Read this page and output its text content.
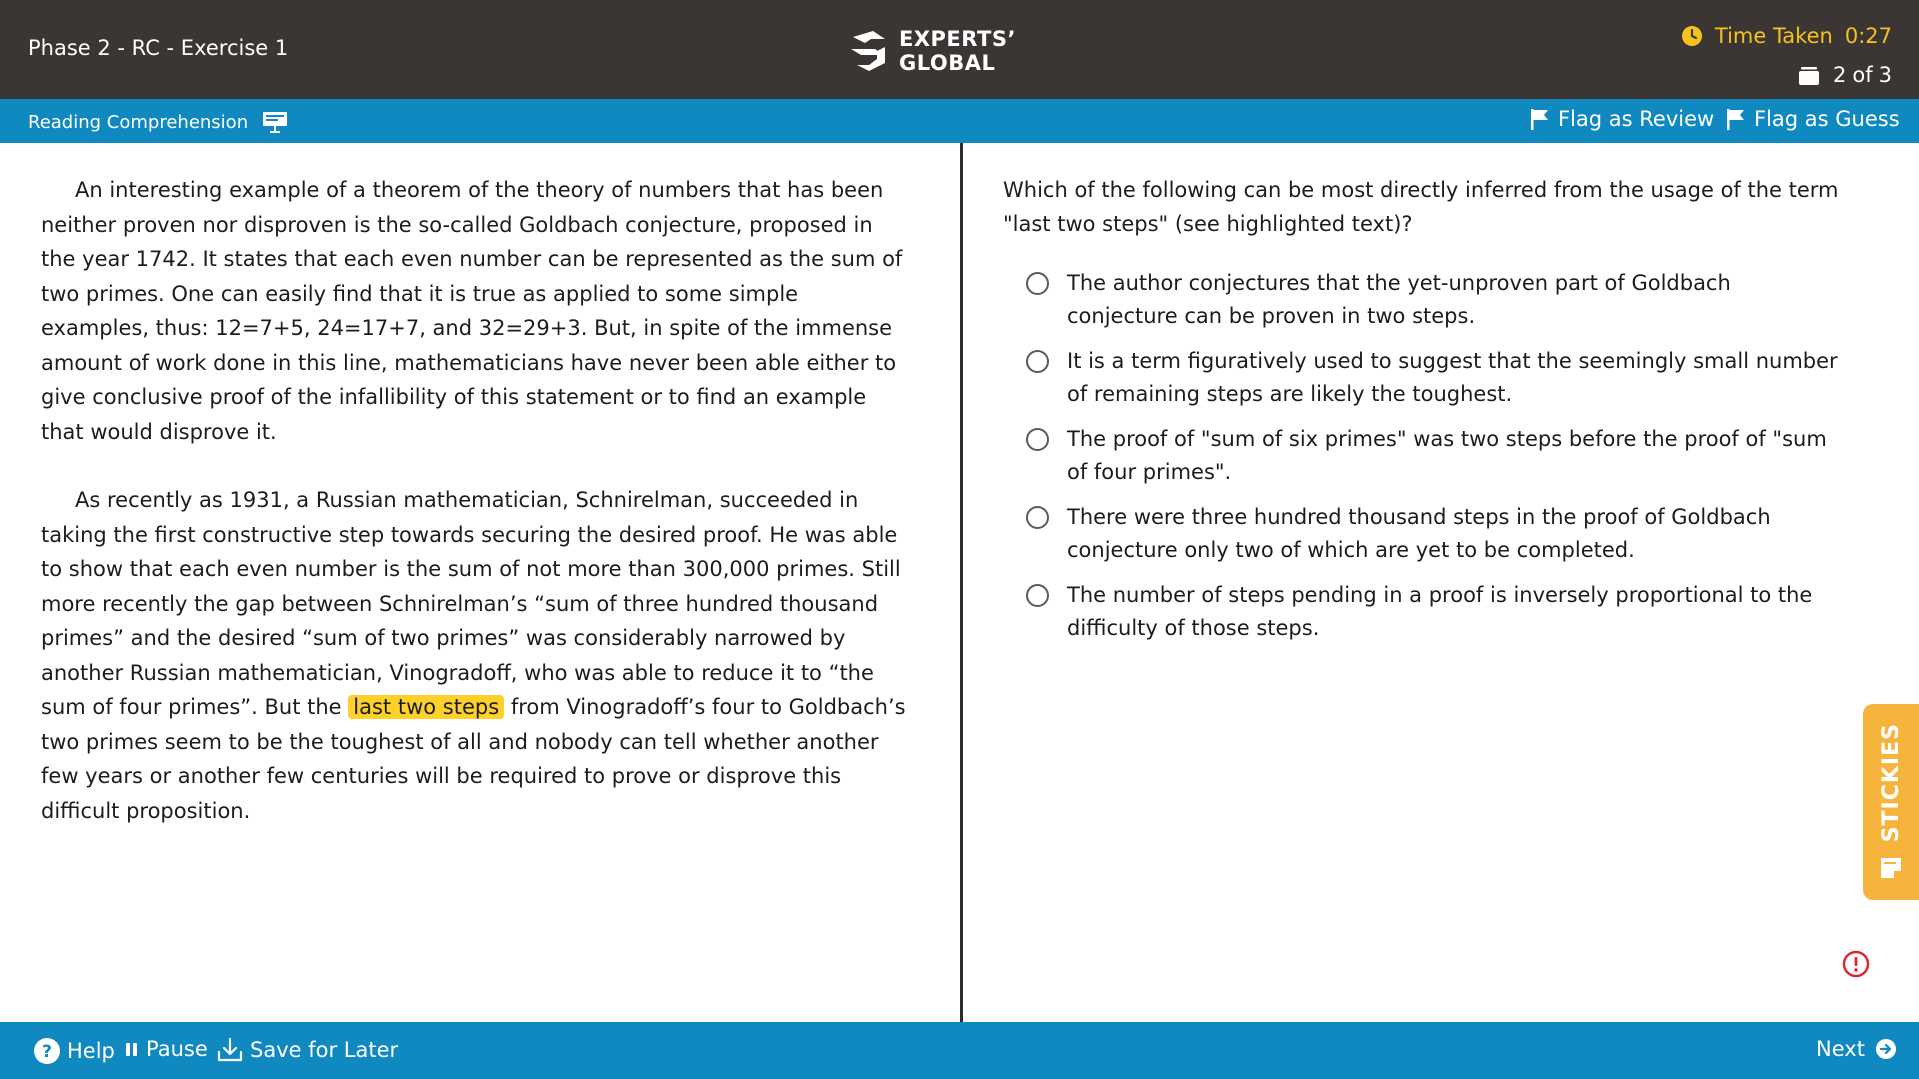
Phase 2 - RC - Exercise 1	EXPERTS’
GLOBAL
Time Taken 0:27
2 of 3
Reading Comprehension	Flag as Review Flag as Guess

An interesting example of a theorem of the theory of numbers that has been neither proven nor disproven is the so-called Goldbach conjecture, proposed in the year 1742. It states that each even number can be represented as the sum of two primes. One can easily find that it is true as applied to some simple examples, thus: 12=7+5, 24=17+7, and 32=29+3. But, in spite of the immense amount of work done in this line, mathematicians have never been able either to give conclusive proof of the infallibility of this statement or to find an example that would disprove it.

As recently as 1931, a Russian mathematician, Schnirelman, succeeded in taking the first constructive step towards securing the desired proof. He was able to show that each even number is the sum of not more than 300,000 primes. Still more recently the gap between Schnirelman’s “sum of three hundred thousand primes” and the desired “sum of two primes” was considerably narrowed by another Russian mathematician, Vinogradoff, who was able to reduce it to “the sum of four primes”. But the last two steps from Vinogradoff’s four to Goldbach’s two primes seem to be the toughest of all and nobody can tell whether another few years or another few centuries will be required to prove or disprove this difficult proposition.

Which of the following can be most directly inferred from the usage of the term "last two steps" (see highlighted text)?
The author conjectures that the yet-unproven part of Goldbach conjecture can be proven in two steps.
It is a term figuratively used to suggest that the seemingly small number of remaining steps are likely the toughest.
The proof of "sum of six primes" was two steps before the proof of "sum of four primes".
There were three hundred thousand steps in the proof of Goldbach conjecture only two of which are yet to be completed.
The number of steps pending in a proof is inversely proportional to the difficulty of those steps.
STICKIES
? Help Pause Save for Later	Next
